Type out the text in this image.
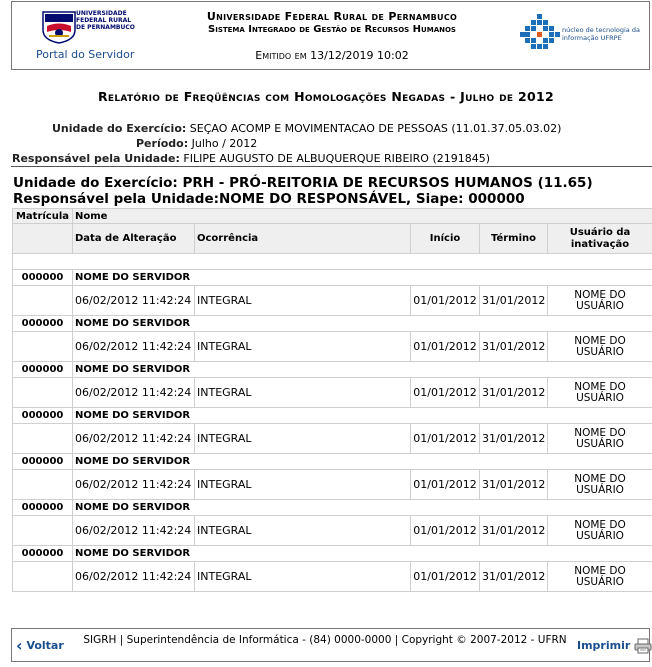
UNIVERSIDADE FEDERAL RURAL DE PERNAMBUCO
Portal do Servidor
Universidade Federal Rural de Pernambuco
Sistema Integrado de Gestão de Recursos Humanos
Emitido em 13/12/2019 10:02
núcleo de tecnologia da informação UFRPE
Relatório de Freqüências com Homologações Negadas - Julho de 2012
Unidade do Exercício: SEÇAO ACOMP E MOVIMENTACAO DE PESSOAS (11.01.37.05.03.02)
Período: Julho / 2012
Responsável pela Unidade: FILIPE AUGUSTO DE ALBUQUERQUE RIBEIRO (2191845)
Unidade do Exercício: PRH - PRÓ-REITORIA DE RECURSOS HUMANOS (11.65)
Responsável pela Unidade:NOME DO RESPONSÁVEL, Siape: 000000
Matrícula	Nome				
	Data de Alteração	Ocorrência	Início	Término	Usuário da inativação

000000	NOME DO SERVIDOR				
	06/02/2012 11:42:24	INTEGRAL	01/01/2012	31/01/2012	NOME DO USUÁRIO
000000	NOME DO SERVIDOR				
	06/02/2012 11:42:24	INTEGRAL	01/01/2012	31/01/2012	NOME DO USUÁRIO
000000	NOME DO SERVIDOR				
	06/02/2012 11:42:24	INTEGRAL	01/01/2012	31/01/2012	NOME DO USUÁRIO
000000	NOME DO SERVIDOR				
	06/02/2012 11:42:24	INTEGRAL	01/01/2012	31/01/2012	NOME DO USUÁRIO
000000	NOME DO SERVIDOR				
	06/02/2012 11:42:24	INTEGRAL	01/01/2012	31/01/2012	NOME DO USUÁRIO
000000	NOME DO SERVIDOR				
	06/02/2012 11:42:24	INTEGRAL	01/01/2012	31/01/2012	NOME DO USUÁRIO
000000	NOME DO SERVIDOR				
	06/02/2012 11:42:24	INTEGRAL	01/01/2012	31/01/2012	NOME DO USUÁRIO
‹ Voltar	SIGRH | Superintendência de Informática - (84) 0000-0000 | Copyright © 2007-2012 - UFRN Imprimir
